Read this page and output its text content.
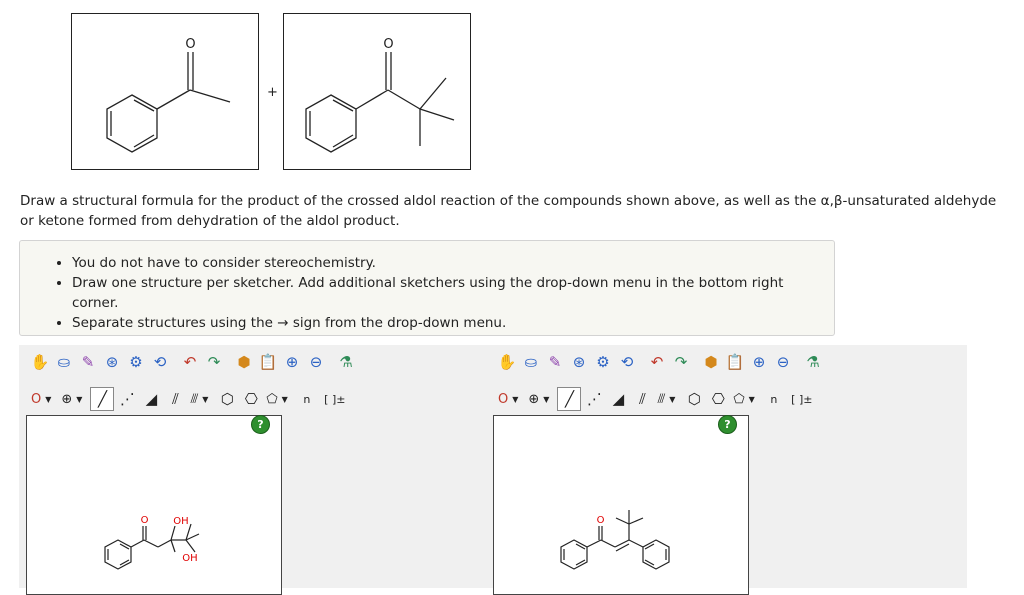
O
+
O
Draw a structural formula for the product of the crossed aldol reaction of the compounds shown above, as well as the α,β-unsaturated aldehyde or ketone formed from dehydration of the aldol product.
• You do not have to consider stereochemistry.
• Draw one structure per sketcher. Add additional sketchers using the drop-down menu in the bottom right corner.
• Separate structures using the → sign from the drop-down menu.
✋ ⛀ ✎ ⊛ ⚙ ⟲	↶ ↷	⬢ 📋 ⊕ ⊖	⚗
O ▼ ⊕ ▼	╱ ⋰ ◢ ⫽ ⫻ ▼ ⬡ ⎔ ⬠ ▼ n [ ]±
?
O OH
OH
✋ ⛀ ✎ ⊛ ⚙ ⟲	↶ ↷	⬢ 📋 ⊕ ⊖	⚗
O ▼ ⊕ ▼	╱ ⋰ ◢ ⫽ ⫻ ▼ ⬡ ⎔ ⬠ ▼ n [ ]±
?
O
